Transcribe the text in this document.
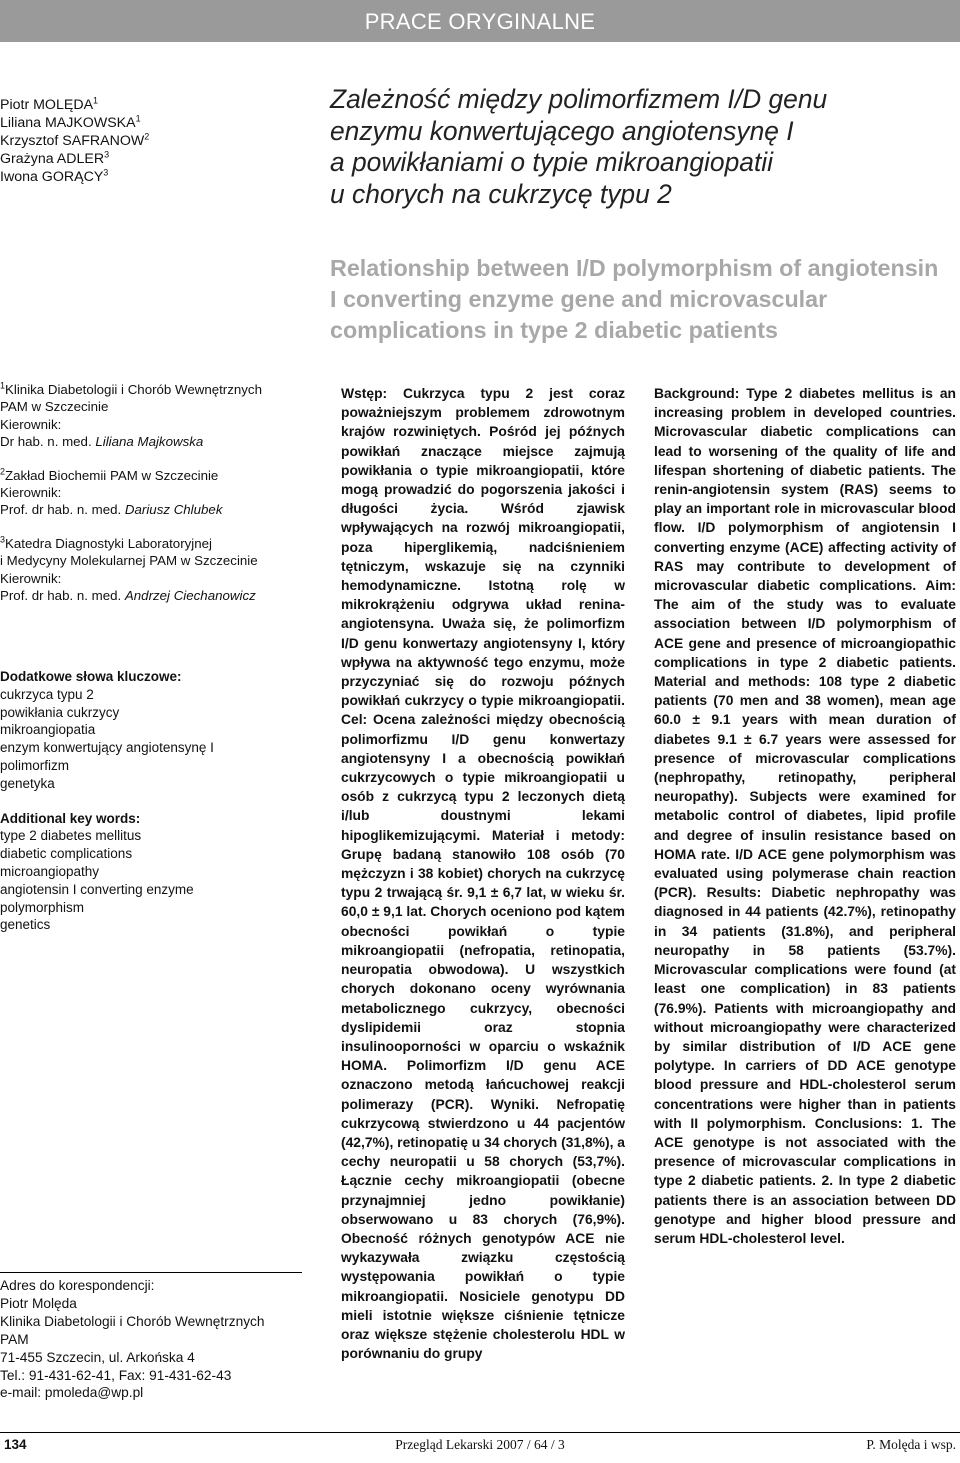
PRACE ORYGINALNE
Piotr MOLĘDA$^1$
Liliana MAJKOWSKA$^1$
Krzysztof SAFRANOW$^2$
Grażyna ADLER$^3$
Iwona GORĄCY$^3$
Zależność między polimorfizmem I/D genu
enzymu konwertującego angiotensynę I
a powikłaniami o typie mikroangiopatii
u chorych na cukrzycę typu 2
Relationship between I/D polymorphism of angiotensin
I converting enzyme gene and microvascular
complications in type 2 diabetic patients
$^1$Klinika Diabetologii i Chorób Wewnętrznych
PAM w Szczecinie
Kierownik:
Dr hab. n. med. Liliana Majkowska
$^2$Zakład Biochemii PAM w Szczecinie
Kierownik:
Prof. dr hab. n. med. Dariusz Chlubek
$^3$Katedra Diagnostyki Laboratoryjnej
i Medycyny Molekularnej PAM w Szczecinie
Kierownik:
Prof. dr hab. n. med. Andrzej Ciechanowicz
Dodatkowe słowa kluczowe:
cukrzyca typu 2
powikłania cukrzycy
mikroangiopatia
enzym konwertujący angiotensynę I
polimorfizm
genetyka
Additional key words:
type 2 diabetes mellitus
diabetic complications
microangiopathy
angiotensin I converting enzyme
polymorphism
genetics
Adres do korespondencji:
Piotr Molęda
Klinika Diabetologii i Chorób Wewnętrznych
PAM
71-455 Szczecin, ul. Arkońska 4
Tel.: 91-431-62-41, Fax: 91-431-62-43
e-mail: pmoleda@wp.pl
Wstęp: Cukrzyca typu 2 jest coraz poważniejszym problemem zdrowotnym krajów rozwiniętych. Pośród jej późnych powikłań znaczące miejsce zajmują powikłania o typie mikroangiopatii, które mogą prowadzić do pogorszenia jakości i długości życia. Wśród zjawisk wpływających na rozwój mikroangiopatii, poza hiperglikemią, nadciśnieniem tętniczym, wskazuje się na czynniki hemodynamiczne. Istotną rolę w mikrokrążeniu odgrywa układ renina-angiotensyna. Uważa się, że polimorfizm I/D genu konwertazy angiotensyny I, który wpływa na aktywność tego enzymu, może przyczyniać się do rozwoju późnych powikłań cukrzycy o typie mikroangiopatii. Cel: Ocena zależności między obecnością polimorfizmu I/D genu konwertazy angiotensyny I a obecnością powikłań cukrzycowych o typie mikroangiopatii u osób z cukrzycą typu 2 leczonych dietą i/lub doustnymi lekami hipoglikemizującymi. Materiał i metody: Grupę badaną stanowiło 108 osób (70 mężczyzn i 38 kobiet) chorych na cukrzycę typu 2 trwającą śr. 9,1 ± 6,7 lat, w wieku śr. 60,0 ± 9,1 lat. Chorych oceniono pod kątem obecności powikłań o typie mikroangiopatii (nefropatia, retinopatia, neuropatia obwodowa). U wszystkich chorych dokonano oceny wyrównania metabolicznego cukrzycy, obecności dyslipidemii oraz stopnia insulinooporności w oparciu o wskaźnik HOMA. Polimorfizm I/D genu ACE oznaczono metodą łańcuchowej reakcji polimerazy (PCR). Wyniki. Nefropatię cukrzycową stwierdzono u 44 pacjentów (42,7%), retinopatię u 34 chorych (31,8%), a cechy neuropatii u 58 chorych (53,7%). Łącznie cechy mikroangiopatii (obecne przynajmniej jedno powikłanie) obserwowano u 83 chorych (76,9%). Obecność różnych genotypów ACE nie wykazywała związku częstością występowania powikłań o typie mikroangiopatii. Nosiciele genotypu DD mieli istotnie większe ciśnienie tętnicze oraz większe stężenie cholesterolu HDL w porównaniu do grupy
Background: Type 2 diabetes mellitus is an increasing problem in developed countries. Microvascular diabetic complications can lead to worsening of the quality of life and lifespan shortening of diabetic patients. The renin-angiotensin system (RAS) seems to play an important role in microvascular blood flow. I/D polymorphism of angiotensin I converting enzyme (ACE) affecting activity of RAS may contribute to development of microvascular diabetic complications. Aim: The aim of the study was to evaluate association between I/D polymorphism of ACE gene and presence of microangiopathic complications in type 2 diabetic patients. Material and methods: 108 type 2 diabetic patients (70 men and 38 women), mean age 60.0 ± 9.1 years with mean duration of diabetes 9.1 ± 6.7 years were assessed for presence of microvascular complications (nephropathy, retinopathy, peripheral neuropathy). Subjects were examined for metabolic control of diabetes, lipid profile and degree of insulin resistance based on HOMA rate. I/D ACE gene polymorphism was evaluated using polymerase chain reaction (PCR). Results: Diabetic nephropathy was diagnosed in 44 patients (42.7%), retinopathy in 34 patients (31.8%), and peripheral neuropathy in 58 patients (53.7%). Microvascular complications were found (at least one complication) in 83 patients (76.9%). Patients with microangiopathy and without microangiopathy were characterized by similar distribution of I/D ACE gene polytype. In carriers of DD ACE genotype blood pressure and HDL-cholesterol serum concentrations were higher than in patients with II polymorphism. Conclusions: 1. The ACE genotype is not associated with the presence of microvascular complications in type 2 diabetic patients. 2. In type 2 diabetic patients there is an association between DD genotype and higher blood pressure and serum HDL-cholesterol level.
134	Przegląd Lekarski 2007 / 64 / 3	P. Molęda i wsp.
